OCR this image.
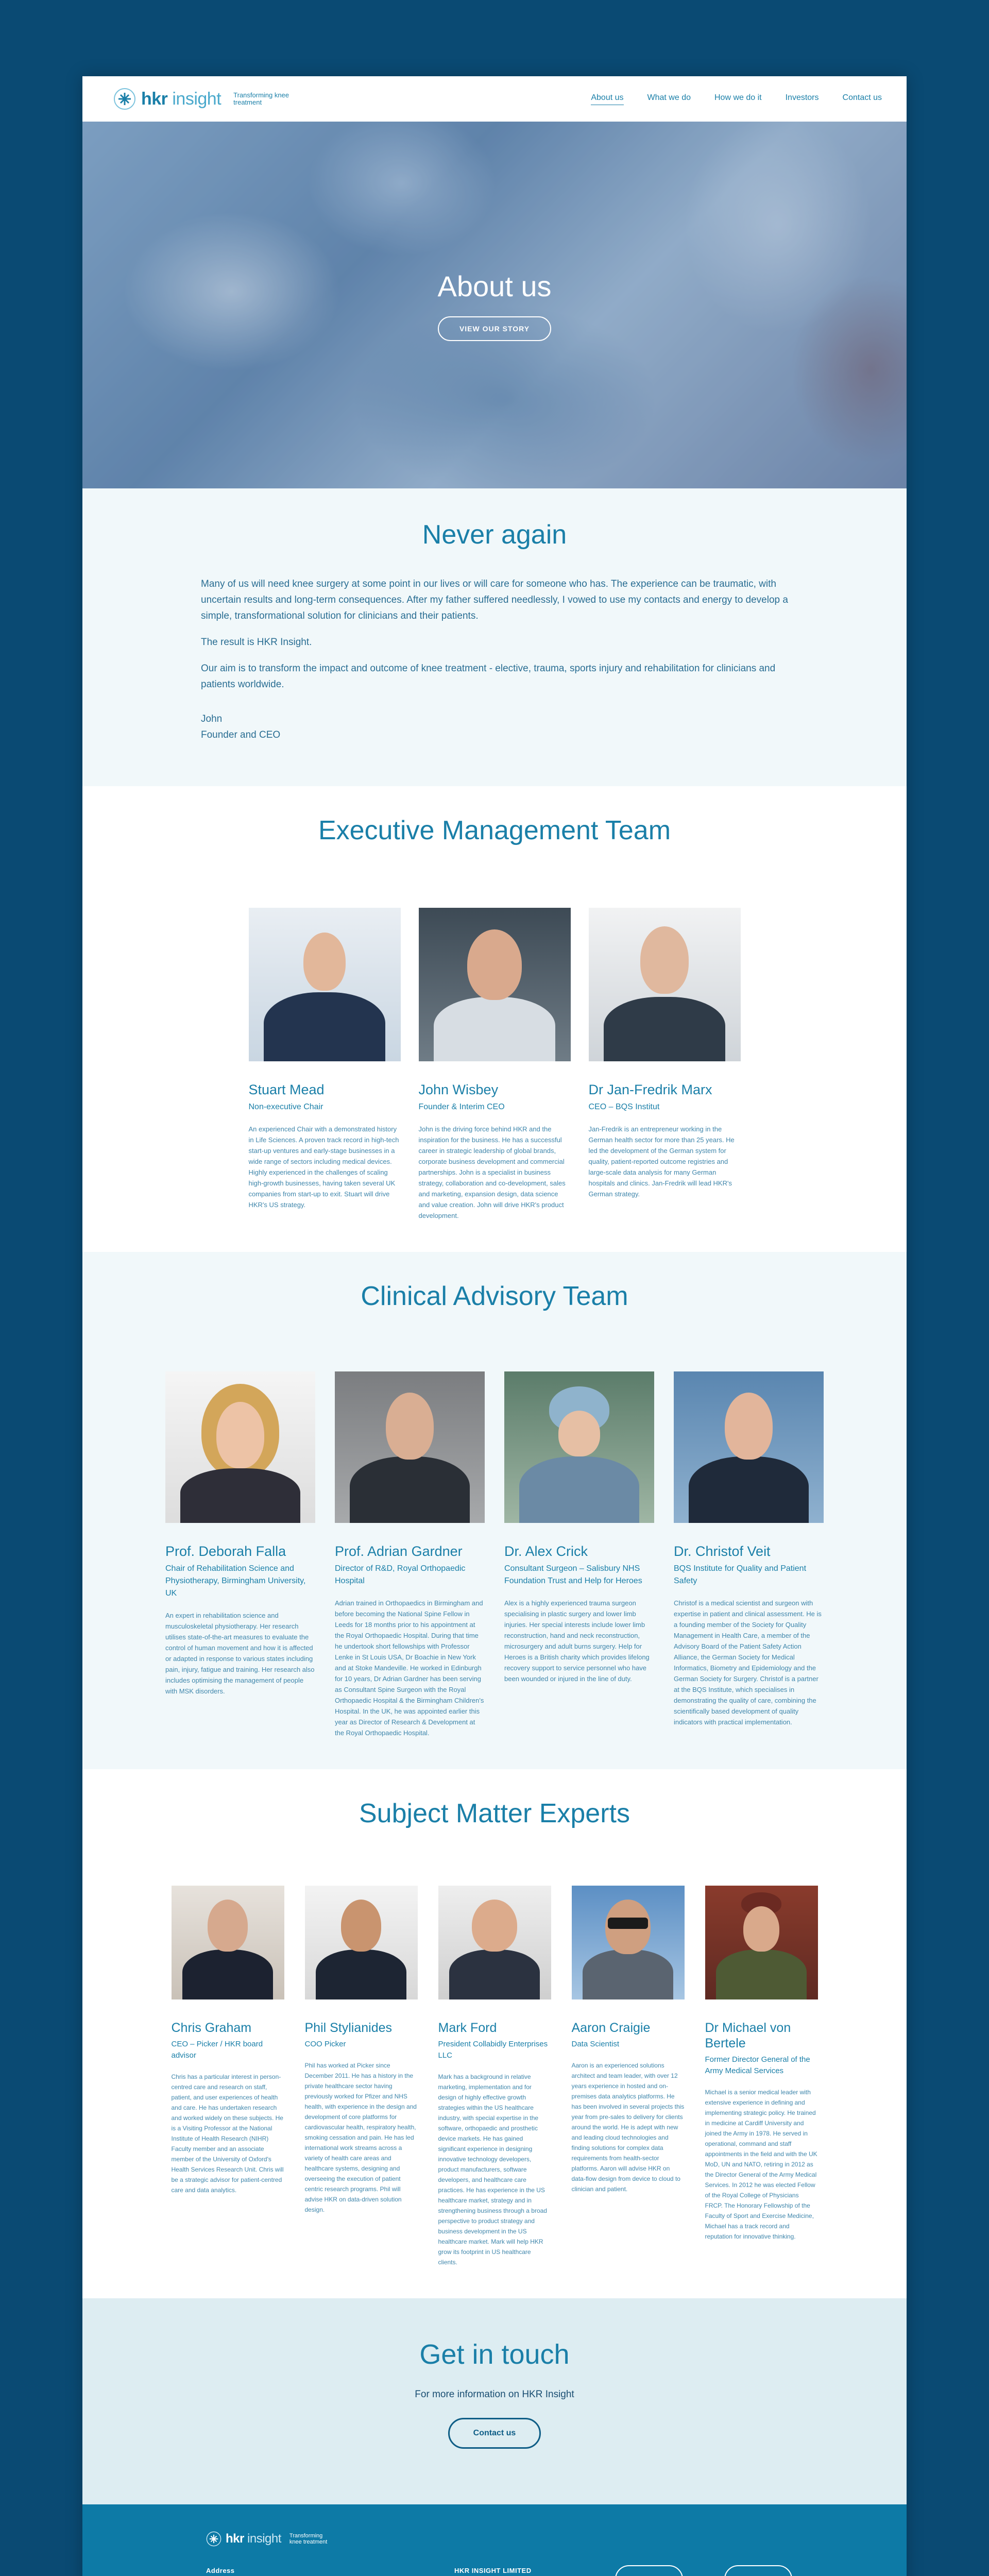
hkr insight Transforming knee treatment
About us	What we do	How we do it	Investors	Contact us
About us
VIEW OUR STORY
Never again

Many of us will need knee surgery at some point in our lives or will care for someone who has. The experience can be traumatic, with uncertain results and long-term consequences. After my father suffered needlessly, I vowed to use my contacts and energy to develop a simple, transformational solution for clinicians and their patients.

The result is HKR Insight.

Our aim is to transform the impact and outcome of knee treatment - elective, trauma, sports injury and rehabilitation for clinicians and patients worldwide.

John
Founder and CEO

Executive Management Team
Stuart Mead
Non-executive Chair
An experienced Chair with a demonstrated history in Life Sciences. A proven track record in high-tech start-up ventures and early-stage businesses in a wide range of sectors including medical devices. Highly experienced in the challenges of scaling high-growth businesses, having taken several UK companies from start-up to exit. Stuart will drive HKR's US strategy.
John Wisbey
Founder & Interim CEO
John is the driving force behind HKR and the inspiration for the business. He has a successful career in strategic leadership of global brands, corporate business development and commercial partnerships. John is a specialist in business strategy, collaboration and co-development, sales and marketing, expansion design, data science and value creation. John will drive HKR's product development.
Dr Jan-Fredrik Marx
CEO – BQS Institut
Jan-Fredrik is an entrepreneur working in the German health sector for more than 25 years. He led the development of the German system for quality, patient-reported outcome registries and large-scale data analysis for many German hospitals and clinics. Jan-Fredrik will lead HKR's German strategy.
Clinical Advisory Team
Prof. Deborah Falla
Chair of Rehabilitation Science and Physiotherapy, Birmingham University, UK
An expert in rehabilitation science and musculoskeletal physiotherapy. Her research utilises state-of-the-art measures to evaluate the control of human movement and how it is affected or adapted in response to various states including pain, injury, fatigue and training. Her research also includes optimising the management of people with MSK disorders.
Prof. Adrian Gardner
Director of R&D, Royal Orthopaedic Hospital
Adrian trained in Orthopaedics in Birmingham and before becoming the National Spine Fellow in Leeds for 18 months prior to his appointment at the Royal Orthopaedic Hospital. During that time he undertook short fellowships with Professor Lenke in St Louis USA, Dr Boachie in New York and at Stoke Mandeville. He worked in Edinburgh for 10 years, Dr Adrian Gardner has been serving as Consultant Spine Surgeon with the Royal Orthopaedic Hospital & the Birmingham Children's Hospital. In the UK, he was appointed earlier this year as Director of Research & Development at the Royal Orthopaedic Hospital.
Dr. Alex Crick
Consultant Surgeon – Salisbury NHS Foundation Trust and Help for Heroes
Alex is a highly experienced trauma surgeon specialising in plastic surgery and lower limb injuries. Her special interests include lower limb reconstruction, hand and neck reconstruction, microsurgery and adult burns surgery. Help for Heroes is a British charity which provides lifelong recovery support to service personnel who have been wounded or injured in the line of duty.
Dr. Christof Veit
BQS Institute for Quality and Patient Safety
Christof is a medical scientist and surgeon with expertise in patient and clinical assessment. He is a founding member of the Society for Quality Management in Health Care, a member of the Advisory Board of the Patient Safety Action Alliance, the German Society for Medical Informatics, Biometry and Epidemiology and the German Society for Surgery. Christof is a partner at the BQS Institute, which specialises in demonstrating the quality of care, combining the scientifically based development of quality indicators with practical implementation.
Subject Matter Experts
Chris Graham
CEO – Picker / HKR board advisor
Chris has a particular interest in person-centred care and research on staff, patient, and user experiences of health and care. He has undertaken research and worked widely on these subjects. He is a Visiting Professor at the National Institute of Health Research (NIHR) Faculty member and an associate member of the University of Oxford's Health Services Research Unit. Chris will be a strategic advisor for patient-centred care and data analytics.
Phil Stylianides
COO Picker
Phil has worked at Picker since December 2011. He has a history in the private healthcare sector having previously worked for Pfizer and NHS health, with experience in the design and development of core platforms for cardiovascular health, respiratory health, smoking cessation and pain. He has led international work streams across a variety of health care areas and healthcare systems, designing and overseeing the execution of patient centric research programs. Phil will advise HKR on data-driven solution design.
Mark Ford
President Collabidly Enterprises LLC
Mark has a background in relative marketing, implementation and for design of highly effective growth strategies within the US healthcare industry, with special expertise in the software, orthopaedic and prosthetic device markets. He has gained significant experience in designing innovative technology developers, product manufacturers, software developers, and healthcare care practices. He has experience in the US healthcare market, strategy and in strengthening business through a broad perspective to product strategy and business development in the US healthcare market. Mark will help HKR grow its footprint in US healthcare clients.
Aaron Craigie
Data Scientist
Aaron is an experienced solutions architect and team leader, with over 12 years experience in hosted and on-premises data analytics platforms. He has been involved in several projects this year from pre-sales to delivery for clients around the world. He is adept with new and leading cloud technologies and finding solutions for complex data requirements from health-sector platforms. Aaron will advise HKR on data-flow design from device to cloud to clinician and patient.
Dr Michael von Bertele
Former Director General of the Army Medical Services
Michael is a senior medical leader with extensive experience in defining and implementing strategic policy. He trained in medicine at Cardiff University and joined the Army in 1978. He served in operational, command and staff appointments in the field and with the UK MoD, UN and NATO, retiring in 2012 as the Director General of the Army Medical Services. In 2012 he was elected Fellow of the Royal College of Physicians FRCP. The Honorary Fellowship of the Faculty of Sport and Exercise Medicine, Michael has a track record and reputation for innovative thinking.
Get in touch
For more information on HKR Insight
Contact us
hkr insight Transforming knee treatment
Address	HKR INSIGHT LIMITED
